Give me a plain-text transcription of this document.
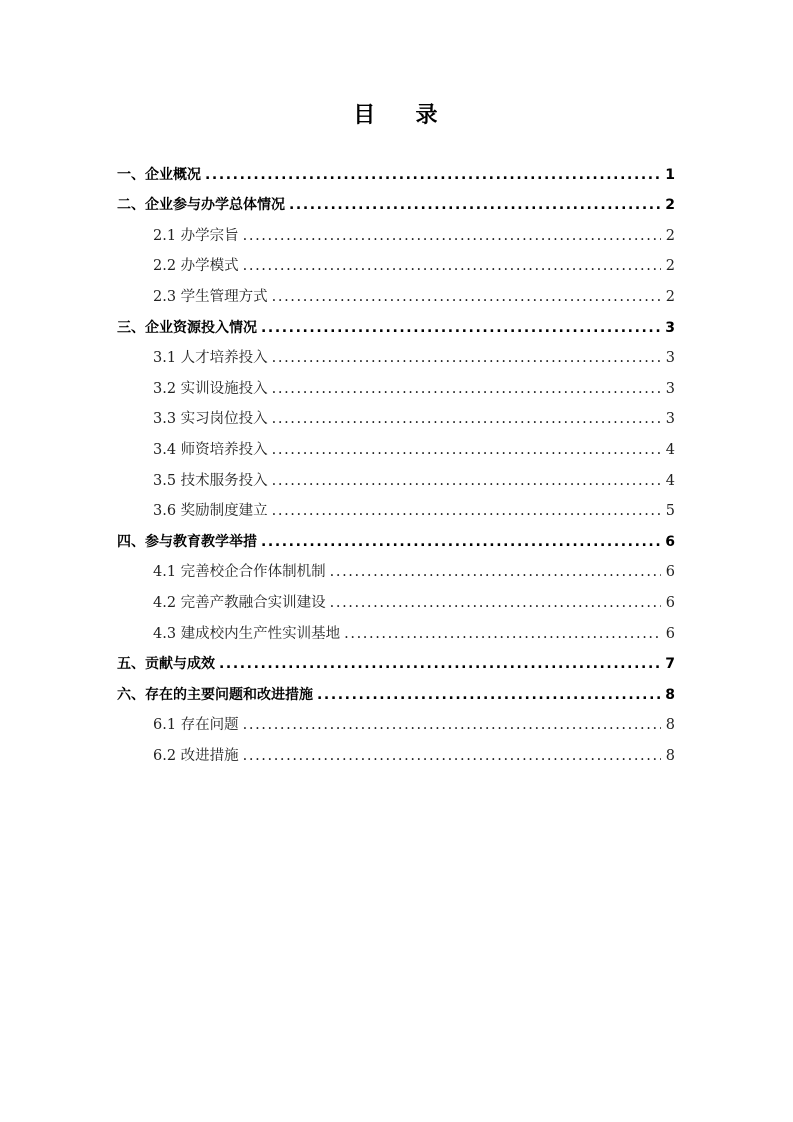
目 录
一、企业概况 .....	1
二、企业参与办学总体情况 .....	2
2.1 办学宗旨 .....	2
2.2 办学模式 .....	2
2.3 学生管理方式 .....	2
三、企业资源投入情况 .....	3
3.1 人才培养投入 .....	3
3.2 实训设施投入 .....	3
3.3 实习岗位投入 .....	3
3.4 师资培养投入 .....	4
3.5 技术服务投入 .....	4
3.6 奖励制度建立 .....	5
四、参与教育教学举措 .....	6
4.1 完善校企合作体制机制 .....	6
4.2 完善产教融合实训建设 .....	6
4.3 建成校内生产性实训基地 .....	6
五、贡献与成效 .....	7
六、存在的主要问题和改进措施 .....	8
6.1 存在问题 .....	8
6.2 改进措施 .....	8
